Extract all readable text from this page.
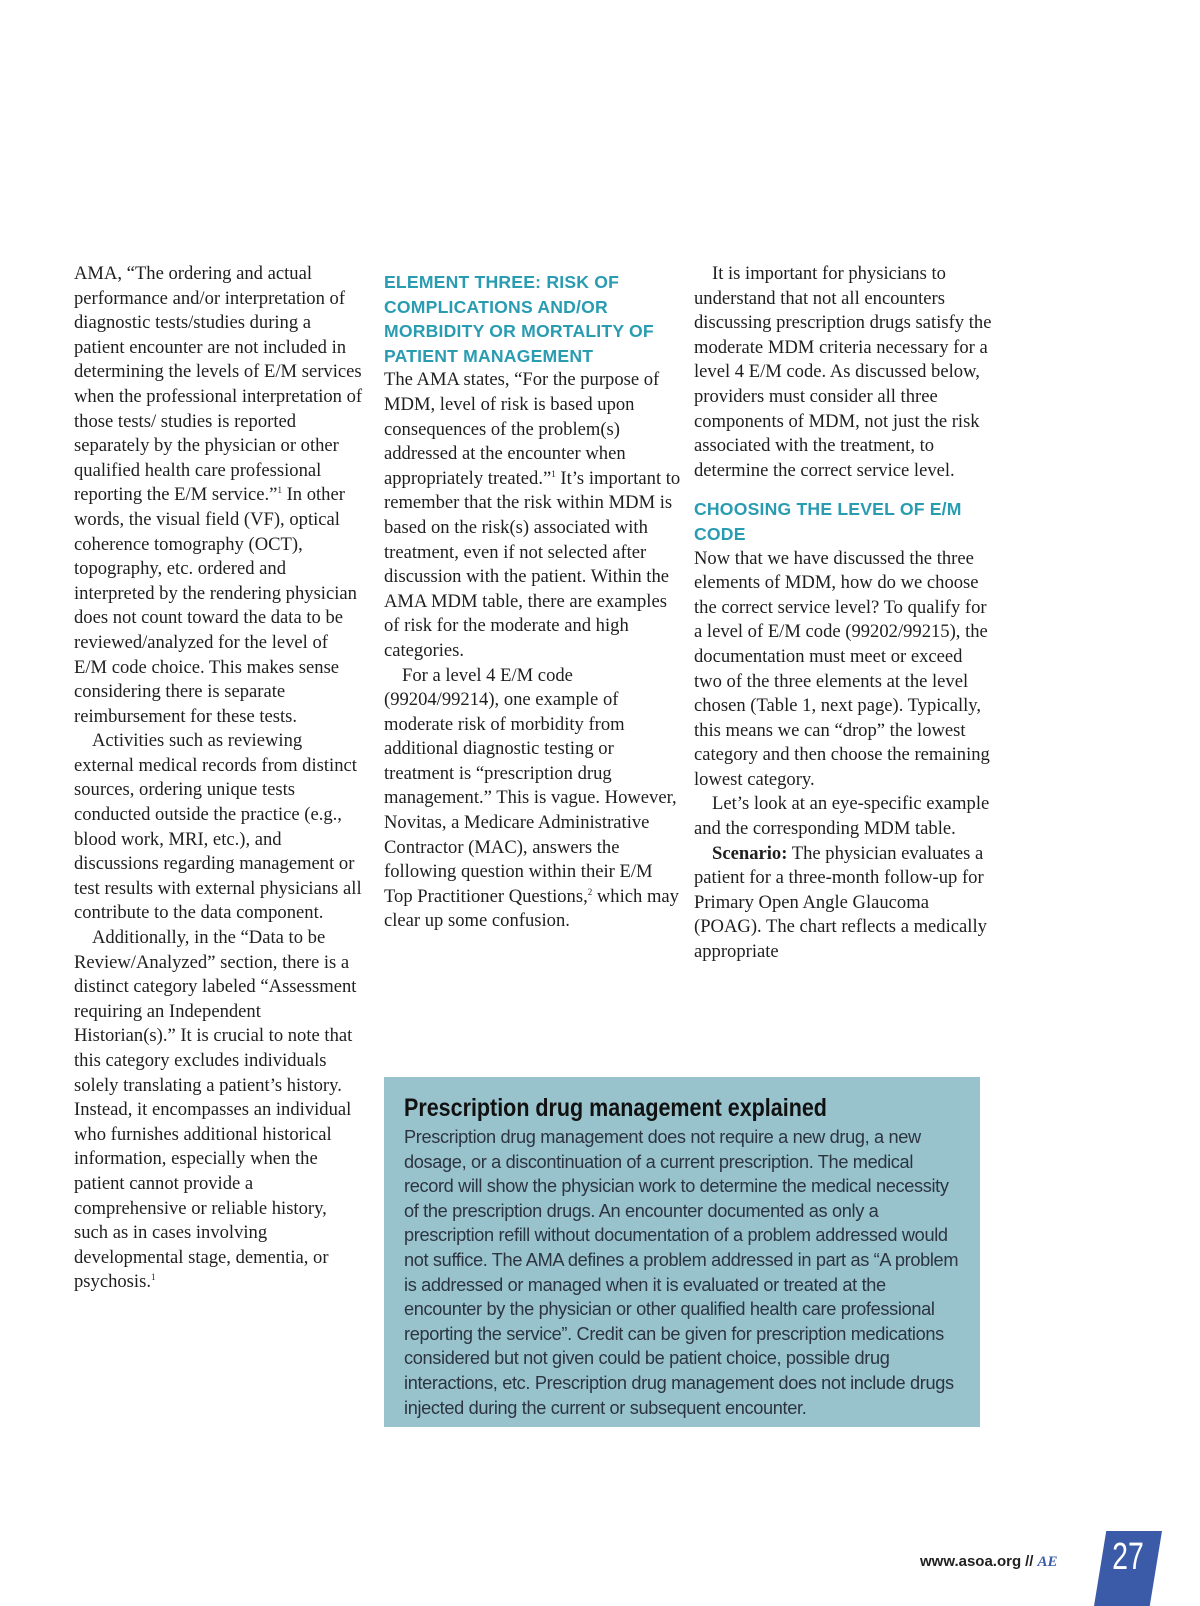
AMA, “The ordering and actual performance and/or interpretation of diagnostic tests/studies during a patient encounter are not included in determining the levels of E/M services when the professional interpretation of those tests/ studies is reported separately by the physician or other qualified health care professional reporting the E/M service.”$^1$ In other words, the visual field (VF), optical coherence tomography (OCT), topography, etc. ordered and interpreted by the rendering physician does not count toward the data to be reviewed/analyzed for the level of E/M code choice. This makes sense considering there is separate reimbursement for these tests.

Activities such as reviewing external medical records from distinct sources, ordering unique tests conducted outside the practice (e.g., blood work, MRI, etc.), and discussions regarding management or test results with external physicians all contribute to the data component.

Additionally, in the “Data to be Review/Analyzed” section, there is a distinct category labeled “Assessment requiring an Independent Historian(s).” It is crucial to note that this category excludes individuals solely translating a patient’s history. Instead, it encompasses an individual who furnishes additional historical information, especially when the patient cannot provide a comprehensive or reliable history, such as in cases involving developmental stage, dementia, or psychosis.$^1$

ELEMENT THREE: RISK OF COMPLICATIONS AND/OR MORBIDITY OR MORTALITY OF PATIENT MANAGEMENT

The AMA states, “For the purpose of MDM, level of risk is based upon consequences of the problem(s) addressed at the encounter when appropriately treated.”$^1$ It’s important to remember that the risk within MDM is based on the risk(s) associated with treatment, even if not selected after discussion with the patient. Within the AMA MDM table, there are examples of risk for the moderate and high categories.

For a level 4 E/M code (99204/99214), one example of moderate risk of morbidity from additional diagnostic testing or treatment is “prescription drug management.” This is vague. However, Novitas, a Medicare Administrative Contractor (MAC), answers the following question within their E/M Top Practitioner Questions,$^2$ which may clear up some confusion.

It is important for physicians to understand that not all encounters discussing prescription drugs satisfy the moderate MDM criteria necessary for a level 4 E/M code. As discussed below, providers must consider all three components of MDM, not just the risk associated with the treatment, to determine the correct service level.

CHOOSING THE LEVEL OF E/M CODE

Now that we have discussed the three elements of MDM, how do we choose the correct service level? To qualify for a level of E/M code (99202/99215), the documentation must meet or exceed two of the three elements at the level chosen (Table 1, next page). Typically, this means we can “drop” the lowest category and then choose the remaining lowest category.

Let’s look at an eye-specific example and the corresponding MDM table.

Scenario: The physician evaluates a patient for a three-month follow-up for Primary Open Angle Glaucoma (POAG). The chart reflects a medically appropriate

Prescription drug management explained

Prescription drug management does not require a new drug, a new dosage, or a discontinuation of a current prescription. The medical record will show the physician work to determine the medical necessity of the prescription drugs. An encounter documented as only a prescription refill without documentation of a problem addressed would not suffice. The AMA defines a problem addressed in part as “A problem is addressed or managed when it is evaluated or treated at the encounter by the physician or other qualified health care professional reporting the service”. Credit can be given for prescription medications considered but not given could be patient choice, possible drug interactions, etc. Prescription drug management does not include drugs injected during the current or subsequent encounter.

www.asoa.org // AE 27
